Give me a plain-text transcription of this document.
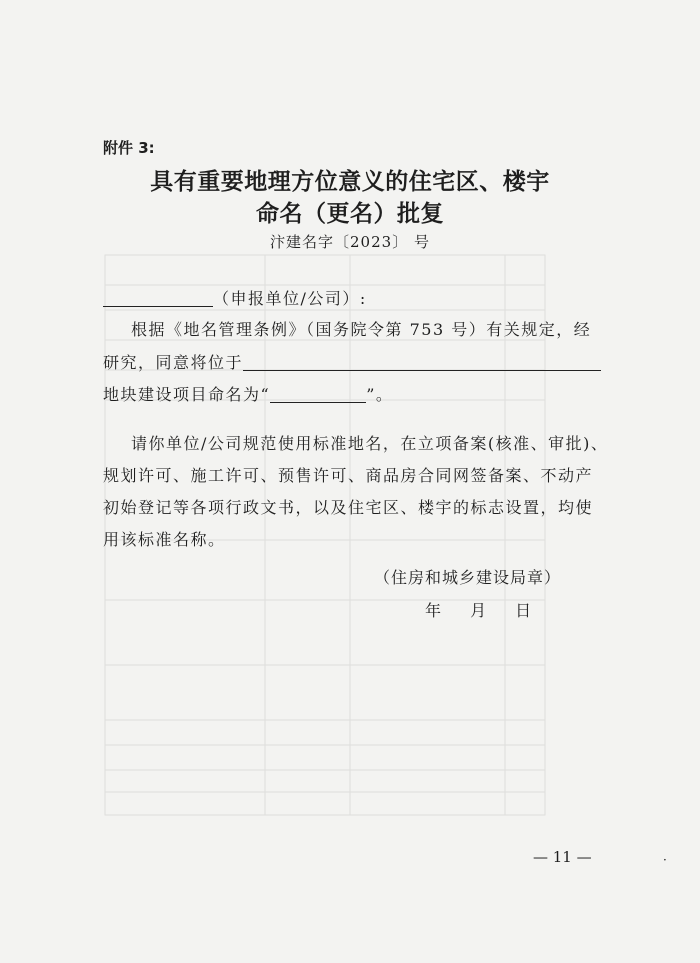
附件 3:
具有重要地理方位意义的住宅区、楼宇
命名（更名）批复
汴建名字〔2023〕 号
（申报单位/公司）:
根据《地名管理条例》（国务院令第 753 号）有关规定，经
研究，同意将位于
地块建设项目命名为“	”。
请你单位/公司规范使用标准地名，在立项备案(核准、审批)、
规划许可、施工许可、预售许可、商品房合同网签备案、不动产
初始登记等各项行政文书，以及住宅区、楼宇的标志设置，均使
用该标准名称。
（住房和城乡建设局章）
年 月 日
— 11 —	·
